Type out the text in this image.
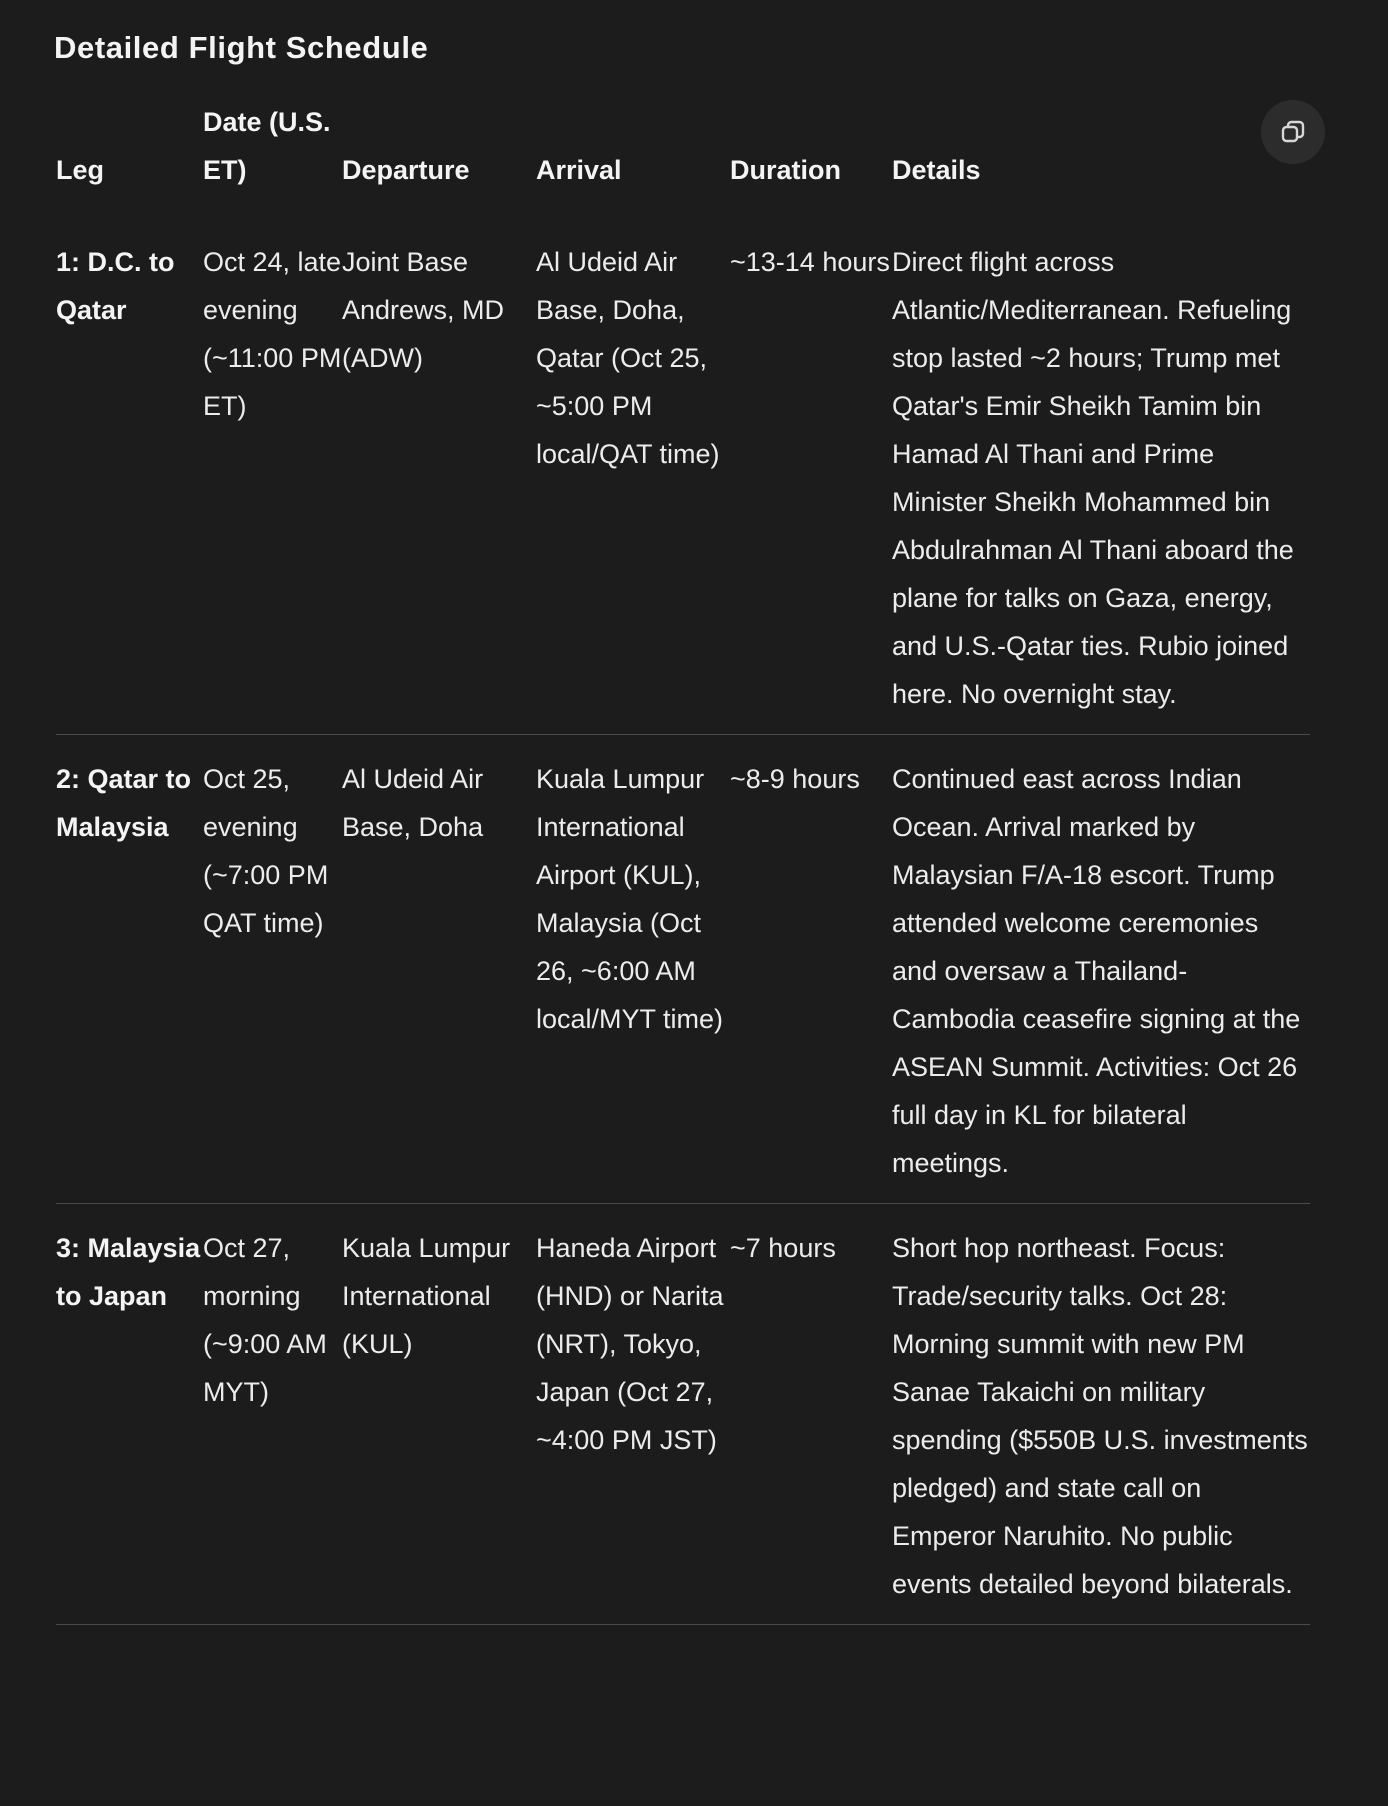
Detailed Flight Schedule
Leg	Date (U.S. ET)	Departure	Arrival	Duration	Details
1: D.C. to Qatar	Oct 24, late evening (~11:00 PM ET)	Joint Base Andrews, MD (ADW)	Al Udeid Air Base, Doha, Qatar (Oct 25, ~5:00 PM local/QAT time)	~13-14 hours	Direct flight across Atlantic/Mediterranean. Refueling stop lasted ~2 hours; Trump met Qatar's Emir Sheikh Tamim bin Hamad Al Thani and Prime Minister Sheikh Mohammed bin Abdulrahman Al Thani aboard the plane for talks on Gaza, energy, and U.S.-Qatar ties. Rubio joined here. No overnight stay.
2: Qatar to Malaysia	Oct 25, evening (~7:00 PM QAT time)	Al Udeid Air Base, Doha	Kuala Lumpur International Airport (KUL), Malaysia (Oct 26, ~6:00 AM local/MYT time)	~8-9 hours	Continued east across Indian Ocean. Arrival marked by Malaysian F/A-18 escort. Trump attended welcome ceremonies and oversaw a Thailand-Cambodia ceasefire signing at the ASEAN Summit. Activities: Oct 26 full day in KL for bilateral meetings.
3: Malaysia to Japan	Oct 27, morning (~9:00 AM MYT)	Kuala Lumpur International (KUL)	Haneda Airport (HND) or Narita (NRT), Tokyo, Japan (Oct 27, ~4:00 PM JST)	~7 hours	Short hop northeast. Focus: Trade/security talks. Oct 28: Morning summit with new PM Sanae Takaichi on military spending ($550B U.S. investments pledged) and state call on Emperor Naruhito. No public events detailed beyond bilaterals.
